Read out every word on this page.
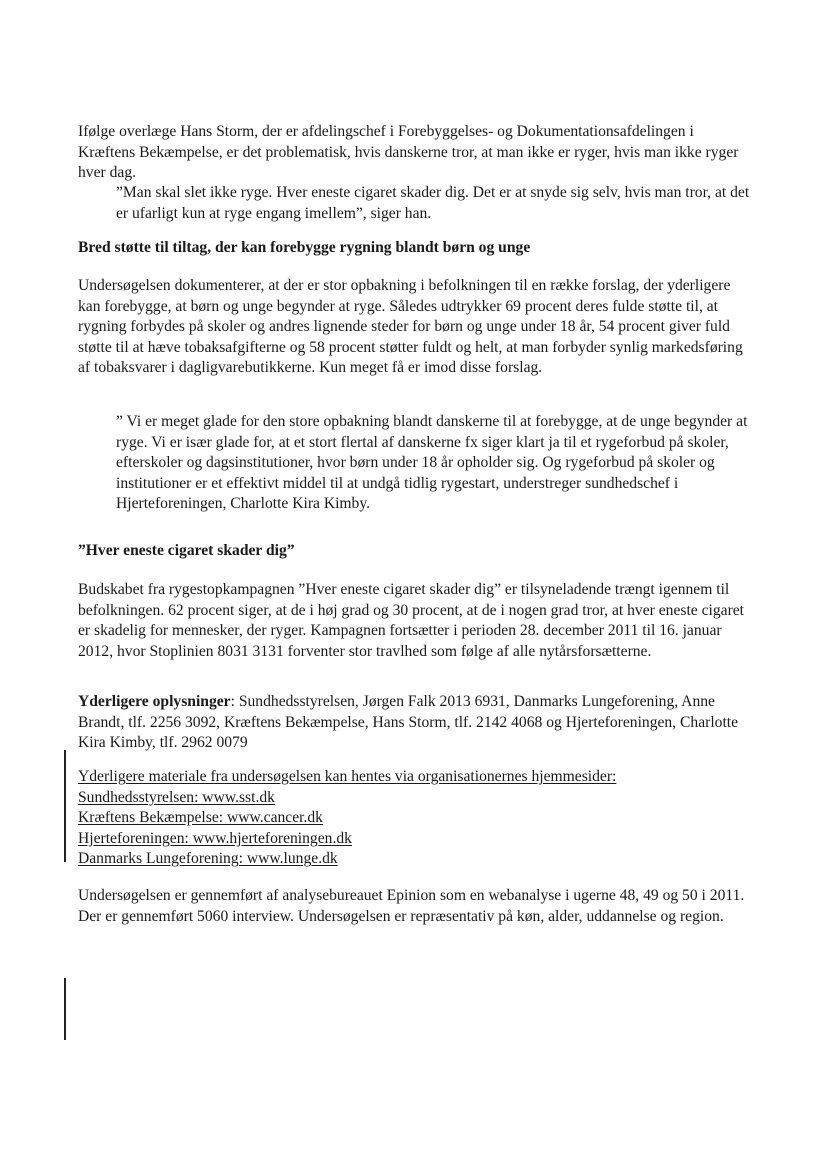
Ifølge overlæge Hans Storm, der er afdelingschef i Forebyggelses- og Dokumentationsafdelingen i Kræftens Bekæmpelse, er det problematisk, hvis danskerne tror, at man ikke er ryger, hvis man ikke ryger hver dag.

”Man skal slet ikke ryge. Hver eneste cigaret skader dig. Det er at snyde sig selv, hvis man tror, at det er ufarligt kun at ryge engang imellem”, siger han.

Bred støtte til tiltag, der kan forebygge rygning blandt børn og unge

Undersøgelsen dokumenterer, at der er stor opbakning i befolkningen til en række forslag, der yderligere kan forebygge, at børn og unge begynder at ryge. Således udtrykker 69 procent deres fulde støtte til, at rygning forbydes på skoler og andres lignende steder for børn og unge under 18 år, 54 procent giver fuld støtte til at hæve tobaksafgifterne og 58 procent støtter fuldt og helt, at man forbyder synlig markedsføring af tobaksvarer i dagligvarebutikkerne. Kun meget få er imod disse forslag.

” Vi er meget glade for den store opbakning blandt danskerne til at forebygge, at de unge begynder at ryge. Vi er især glade for, at et stort flertal af danskerne fx siger klart ja til et rygeforbud på skoler, efterskoler og dagsinstitutioner, hvor børn under 18 år opholder sig. Og rygeforbud på skoler og institutioner er et effektivt middel til at undgå tidlig rygestart, understreger sundhedschef i Hjerteforeningen, Charlotte Kira Kimby.

”Hver eneste cigaret skader dig”

Budskabet fra rygestopkampagnen ”Hver eneste cigaret skader dig” er tilsyneladende trængt igennem til befolkningen. 62 procent siger, at de i høj grad og 30 procent, at de i nogen grad tror, at hver eneste cigaret er skadelig for mennesker, der ryger. Kampagnen fortsætter i perioden 28. december 2011 til 16. januar 2012, hvor Stoplinien 8031 3131 forventer stor travlhed som følge af alle nytårsforsætterne.

Yderligere oplysninger: Sundhedsstyrelsen, Jørgen Falk 2013 6931, Danmarks Lungeforening, Anne Brandt, tlf. 2256 3092, Kræftens Bekæmpelse, Hans Storm, tlf. 2142 4068 og Hjerteforeningen, Charlotte Kira Kimby, tlf. 2962 0079

Yderligere materiale fra undersøgelsen kan hentes via organisationernes hjemmesider:
Sundhedsstyrelsen: www.sst.dk
Kræftens Bekæmpelse: www.cancer.dk
Hjerteforeningen: www.hjerteforeningen.dk
Danmarks Lungeforening: www.lunge.dk

Undersøgelsen er gennemført af analysebureauet Epinion som en webanalyse i ugerne 48, 49 og 50 i 2011. Der er gennemført 5060 interview. Undersøgelsen er repræsentativ på køn, alder, uddannelse og region.
